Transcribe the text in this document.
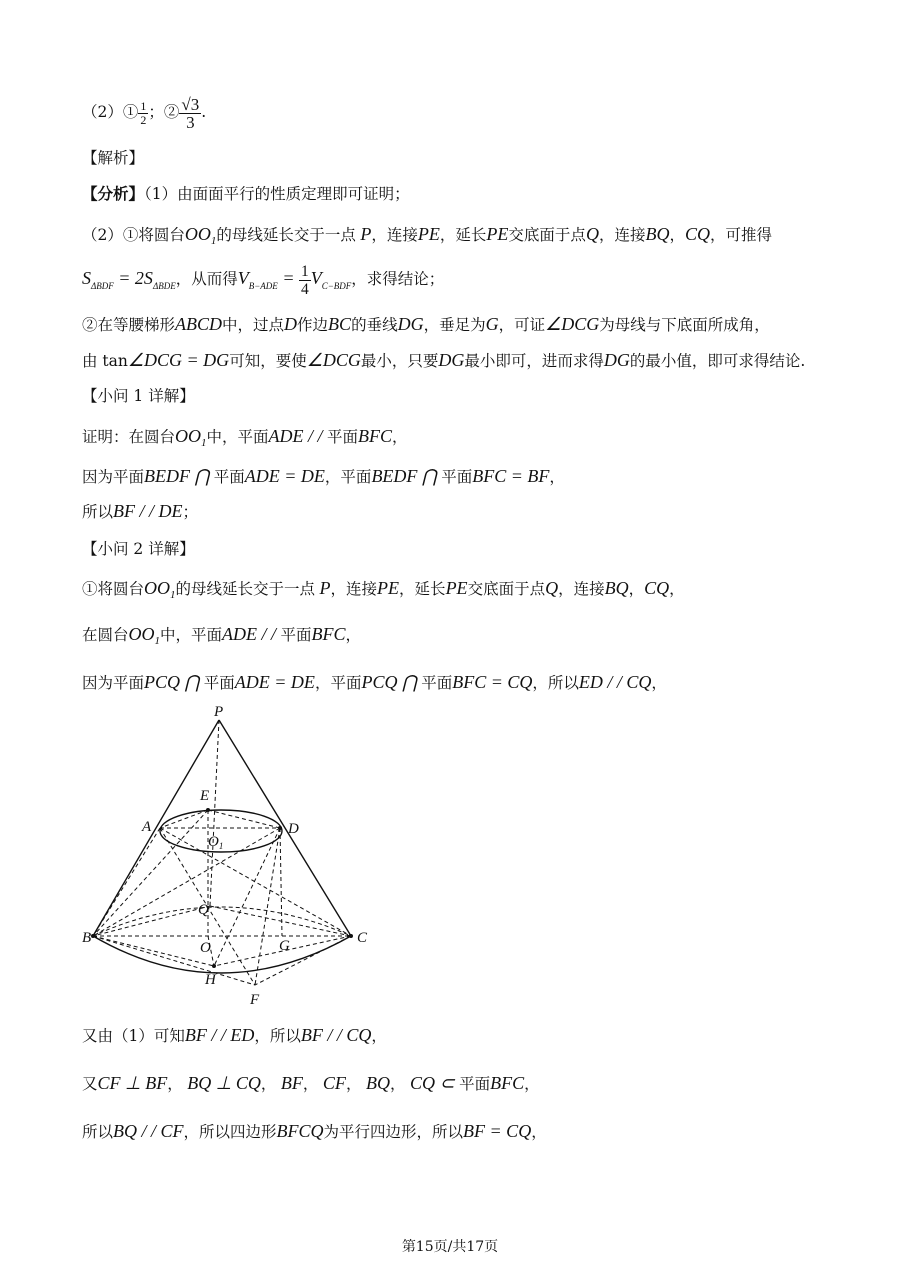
（2）① $\frac{1}{2}$ ；② $\frac{√3}{3}$ .
【解析】
【分析】（1）由面面平行的性质定理即可证明；
（2）①将圆台$OO_1$的母线延长交于一点 P，连接PE，延长PE交底面于点Q，连接BQ，CQ，可推得
$S_{\Delta BDF} = 2S_{\Delta BDE}$，从而得$V_{B-ADE} = \frac{1}{4} V_{C-BDF}$，求得结论；
②在等腰梯形ABCD中，过点D作边BC的垂线DG，垂足为G，可证∠DCG为母线与下底面所成角，
由 tan∠DCG = DG可知，要使∠DCG最小，只要DG最小即可，进而求得DG的最小值，即可求得结论.
【小问 1 详解】
证明：在圆台$OO_1$中，平面ADE / / 平面BFC，
因为平面BEDF ⋂ 平面ADE = DE，平面BEDF ⋂ 平面BFC = BF，
所以BF / / DE；
【小问 2 详解】
①将圆台$OO_1$的母线延长交于一点 P，连接PE，延长PE交底面于点Q，连接BQ，CQ，
在圆台$OO_1$中，平面ADE / / 平面BFC，
因为平面PCQ ⋂ 平面ADE = DE，平面PCQ ⋂ 平面BFC = CQ，所以ED / / CQ，
P
E
A	D
$O_1$
Q
B	C
O	G
H
F
又由（1）可知BF / / ED，所以BF / / CQ，
又CF ⊥ BF， BQ ⊥ CQ， BF， CF， BQ， CQ ⊂ 平面BFC，
所以BQ / / CF，所以四边形BFCQ为平行四边形，所以BF = CQ，
第15页/共17页
